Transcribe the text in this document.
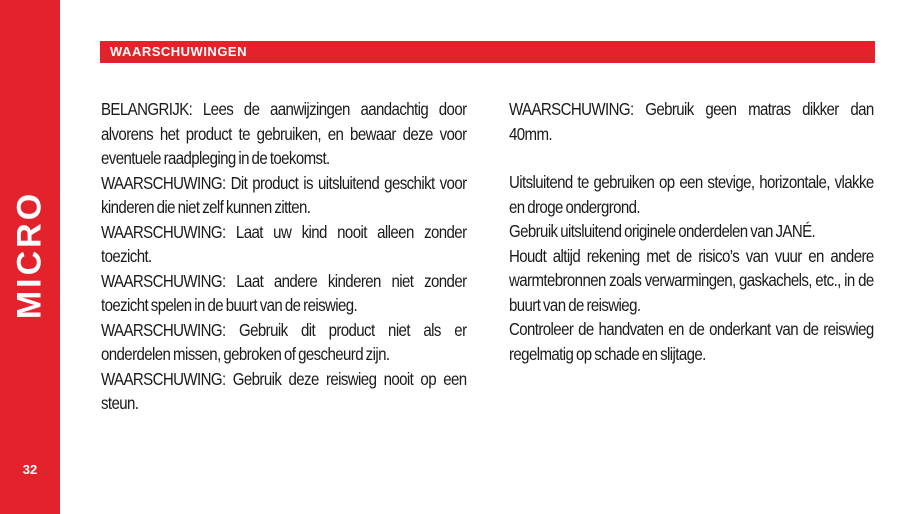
MICRO
32
WAARSCHUWINGEN

BELANGRIJK: Lees de aanwijzingen aandachtig door alvorens het product te gebruiken, en bewaar deze voor eventuele raadpleging in de toekomst.

WAARSCHUWING: Dit product is uitsluitend geschikt voor kinderen die niet zelf kunnen zitten.

WAARSCHUWING: Laat uw kind nooit alleen zonder toezicht.

WAARSCHUWING: Laat andere kinderen niet zonder toezicht spelen in de buurt van de reiswieg.

WAARSCHUWING: Gebruik dit product niet als er onderdelen missen, gebroken of gescheurd zijn.

WAARSCHUWING: Gebruik deze reiswieg nooit op een steun.

WAARSCHUWING: Gebruik geen matras dikker dan 40mm.

Uitsluitend te gebruiken op een stevige, horizontale, vlakke en droge ondergrond.

Gebruik uitsluitend originele onderdelen van JANÉ.

Houdt altijd rekening met de risico’s van vuur en andere warmtebronnen zoals verwarmingen, gaskachels, etc., in de buurt van de reiswieg.

Controleer de handvaten en de onderkant van de reiswieg regelmatig op schade en slijtage.
